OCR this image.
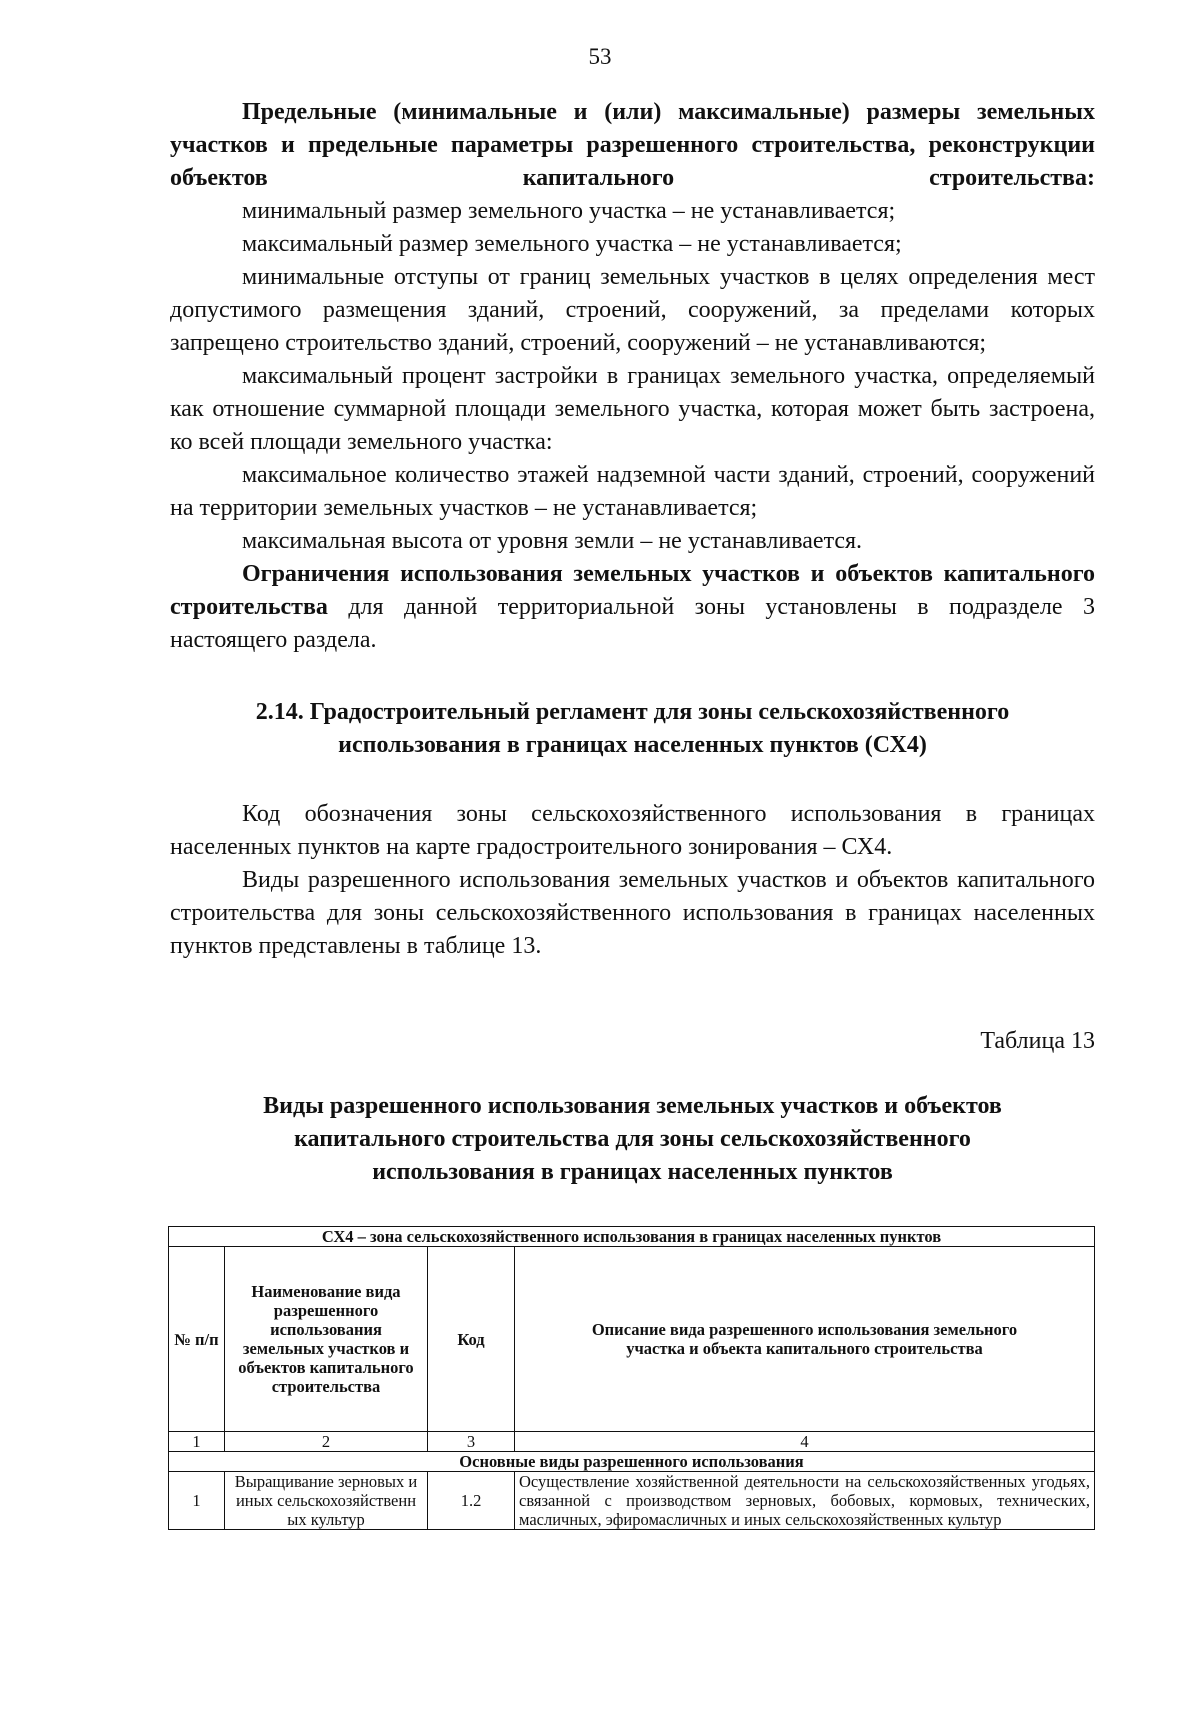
53

Предельные (минимальные и (или) максимальные) размеры земельных участков и предельные параметры разрешенного строительства, реконструкции объектов капитального строительства:

минимальный размер земельного участка – не устанавливается;

максимальный размер земельного участка – не устанавливается;

минимальные отступы от границ земельных участков в целях определения мест допустимого размещения зданий, строений, сооружений, за пределами которых запрещено строительство зданий, строений, сооружений – не устанавливаются;

максимальный процент застройки в границах земельного участка, определяемый как отношение суммарной площади земельного участка, которая может быть застроена, ко всей площади земельного участка:

максимальное количество этажей надземной части зданий, строений, сооружений на территории земельных участков – не устанавливается;

максимальная высота от уровня земли – не устанавливается.

Ограничения использования земельных участков и объектов капитального строительства для данной территориальной зоны установлены в подразделе 3 настоящего раздела.

2.14. Градостроительный регламент для зоны сельскохозяйственного
использования в границах населенных пунктов (СХ4)

Код обозначения зоны сельскохозяйственного использования в границах населенных пунктов на карте градостроительного зонирования – СХ4.

Виды разрешенного использования земельных участков и объектов капитального строительства для зоны сельскохозяйственного использования в границах населенных пунктов представлены в таблице 13.

Таблица 13
Виды разрешенного использования земельных участков и объектов
капитального строительства для зоны сельскохозяйственного
использования в границах населенных пунктов
СХ4 – зона сельскохозяйственного использования в границах населенных пунктов			
№ п/п	Наименование вида разрешенного использования земельных участков и объектов капитального строительства	Код	Описание вида разрешенного использования земельного участка и объекта капитального строительства
1	2	3	4
Основные виды разрешенного использования			
1	Выращивание зерновых и иных сельскохозяйственн ых культур	1.2	Осуществление хозяйственной деятельности на сельскохозяйственных угодьях, связанной с производством зерновых, бобовых, кормовых, технических, масличных, эфиромасличных и иных сельскохозяйственных культур
